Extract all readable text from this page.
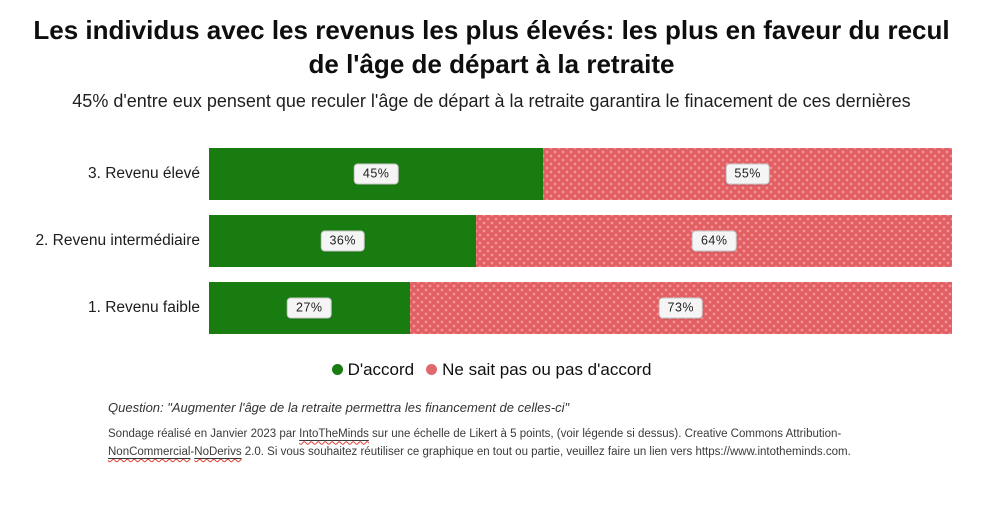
Les individus avec les revenus les plus élevés: les plus en faveur du recul de l'âge de départ à la retraite
45% d'entre eux pensent que reculer l'âge de départ à la retraite garantira le finacement de ces dernières
3. Revenu élevé	45%	55%
2. Revenu intermédiaire	36%	64%
1. Revenu faible	27%	73%
D'accord Ne sait pas ou pas d'accord

Question: "Augmenter l'âge de la retraite permettra les financement de celles-ci"

Sondage réalisé en Janvier 2023 par IntoTheMinds sur une échelle de Likert à 5 points, (voir légende si dessus). Creative Commons Attribution-NonCommercial-NoDerivs 2.0. Si vous souhaitez réutiliser ce graphique en tout ou partie, veuillez faire un lien vers https://www.intotheminds.com.
